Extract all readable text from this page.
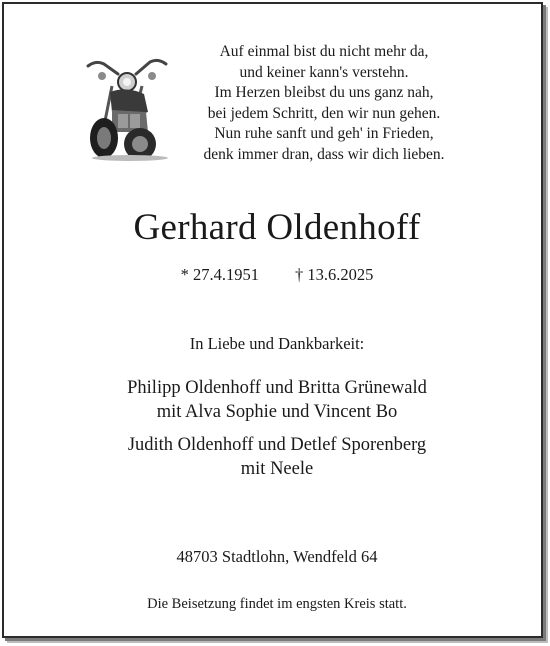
Auf einmal bist du nicht mehr da,
und keiner kann's verstehn.
Im Herzen bleibst du uns ganz nah,
bei jedem Schritt, den wir nun gehen.
Nun ruhe sanft und geh' in Frieden,
denk immer dran, dass wir dich lieben.
Gerhard Oldenhoff
* 27.4.1951 † 13.6.2025
In Liebe und Dankbarkeit:
Philipp Oldenhoff und Britta Grünewald
mit Alva Sophie und Vincent Bo
Judith Oldenhoff und Detlef Sporenberg
mit Neele
48703 Stadtlohn, Wendfeld 64
Die Beisetzung findet im engsten Kreis statt.
